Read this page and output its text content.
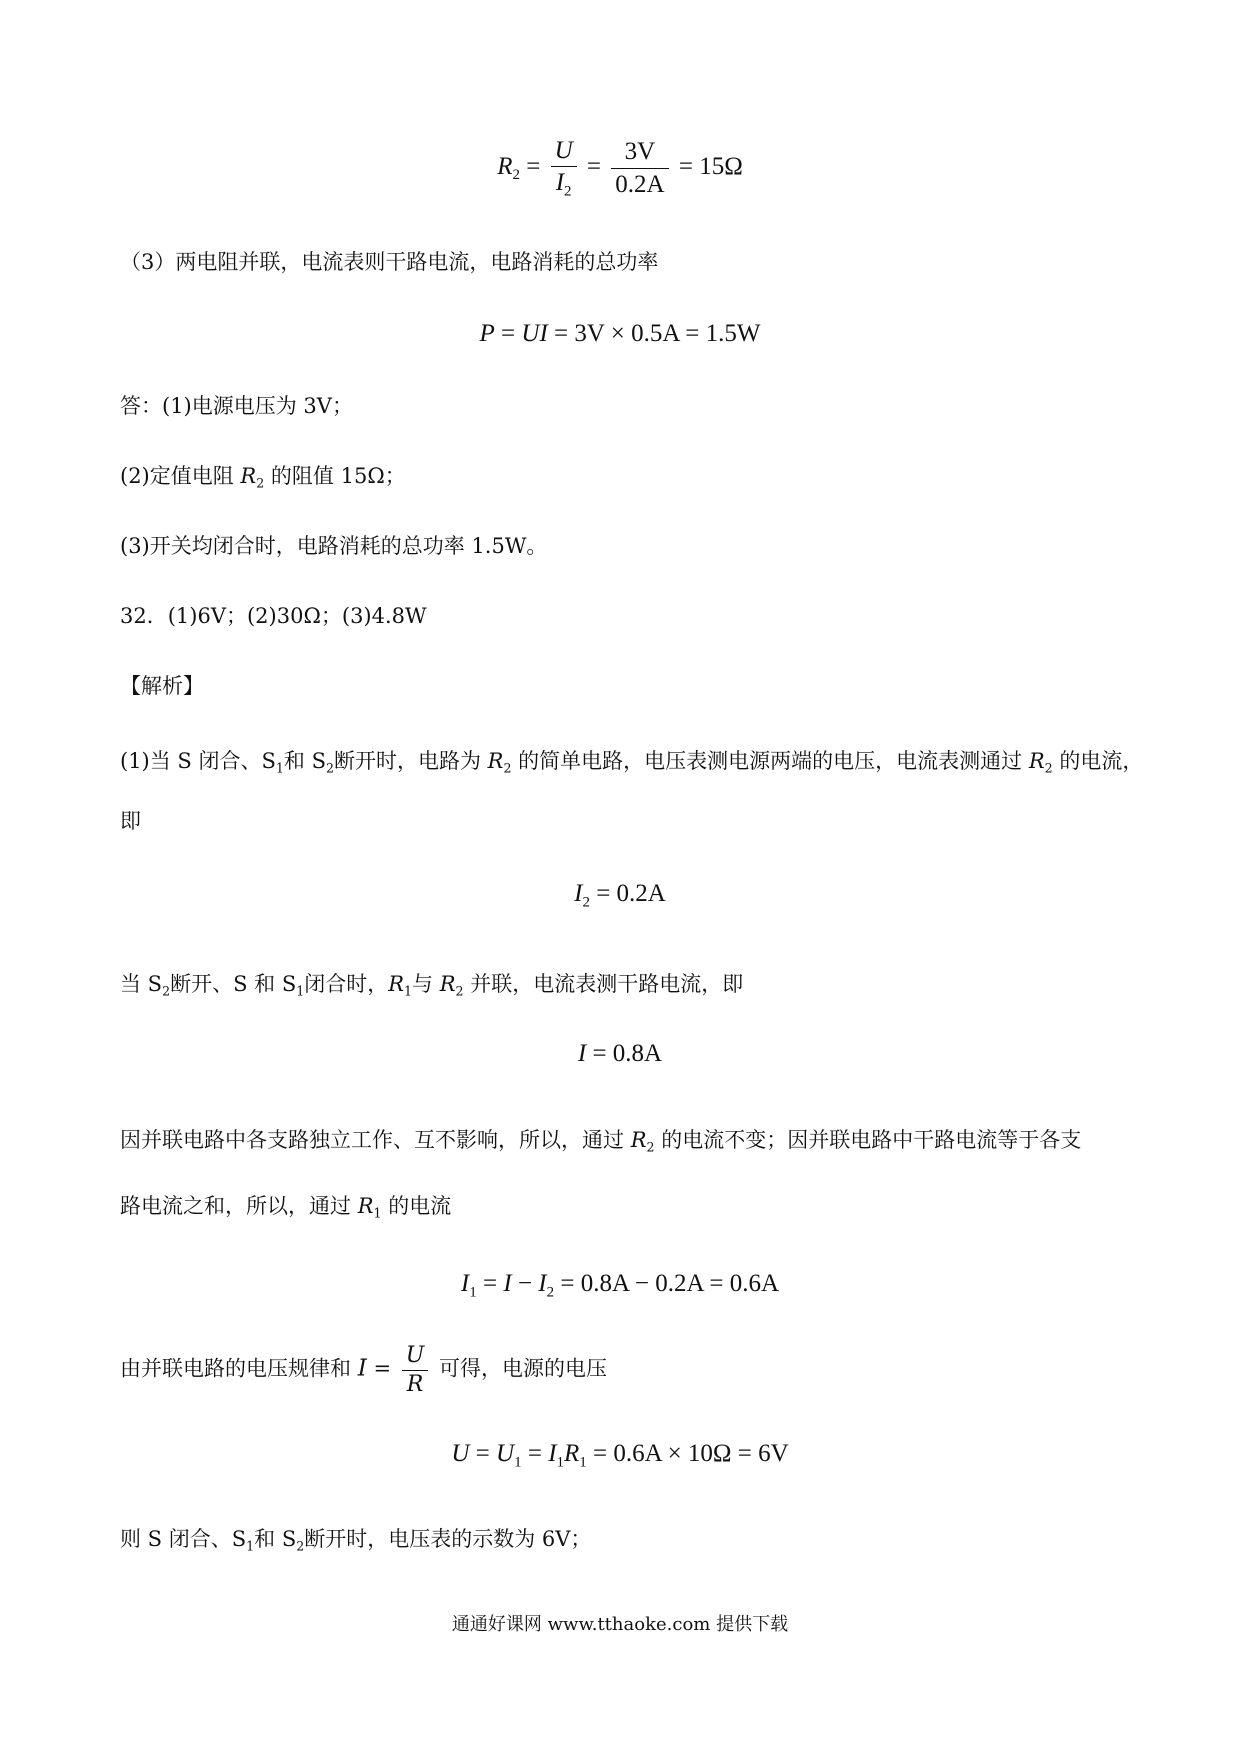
$R_2 = \frac{U}{I_2} = \frac{3V}{0.2A} = 15\Omega$
（3）两电阻并联，电流表则干路电流，电路消耗的总功率
P = UI = 3V × 0.5A = 1.5W
答：(1)电源电压为 3V；
(2)定值电阻 $R_2$ 的阻值 15Ω；
(3)开关均闭合时，电路消耗的总功率 1.5W。
32．(1)6V；(2)30Ω；(3)4.8W
【解析】
(1)当 S 闭合、$S_1$和 $S_2$断开时，电路为 $R_2$ 的简单电路，电压表测电源两端的电压，电流表测通过 $R_2$ 的电流，
即
$I_2 = 0.2A$
当 $S_2$断开、S 和 $S_1$闭合时，$R_1$与 $R_2$ 并联，电流表测干路电流，即
I = 0.8A
因并联电路中各支路独立工作、互不影响，所以，通过 $R_2$ 的电流不变；因并联电路中干路电流等于各支
路电流之和，所以，通过 $R_1$ 的电流
$I_1 = I - I_2 = 0.8A - 0.2A = 0.6A$
由并联电路的电压规律和 $I = \frac{U}{R}$ 可得，电源的电压
$U = U_1 = I_1R_1 = 0.6A \times 10\Omega = 6V$
则 S 闭合、$S_1$和 $S_2$断开时，电压表的示数为 6V；
通通好课网 www.tthaoke.com 提供下载
